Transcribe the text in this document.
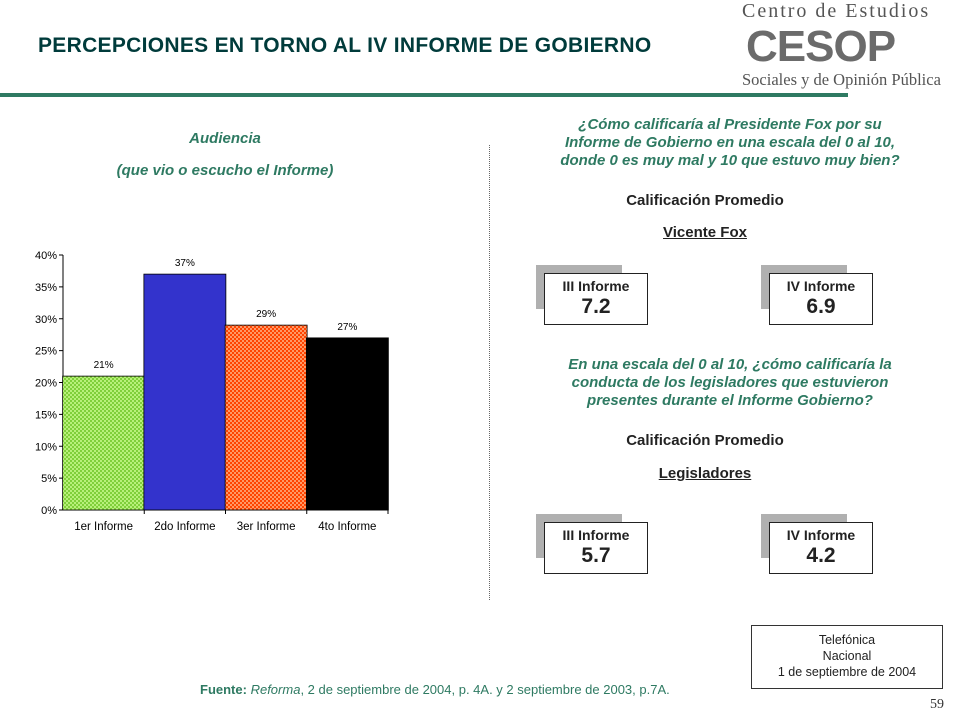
PERCEPCIONES EN TORNO AL IV INFORME DE GOBIERNO
Centro de Estudios
CESOP
Sociales y de Opinión Pública
Audiencia
(que vio o escucho el Informe)
0%
5%
10%
15%
20%
25%
30%
35%
40%
21%
1er Informe
37%
2do Informe
29%
3er Informe
27%
4to Informe
¿Cómo calificaría al Presidente Fox por su
Informe de Gobierno en una escala del 0 al 10,
donde 0 es muy mal y 10 que estuvo muy bien?
Calificación Promedio
Vicente Fox
III Informe
7.2
IV Informe
6.9
En una escala del 0 al 10, ¿cómo calificaría la
conducta de los legisladores que estuvieron
presentes durante el Informe Gobierno?
Calificación Promedio
Legisladores
III Informe
5.7
IV Informe
4.2
Telefónica
Nacional
1 de septiembre de 2004
Fuente: Reforma, 2 de septiembre de 2004, p. 4A. y 2 septiembre de 2003, p.7A.
59
